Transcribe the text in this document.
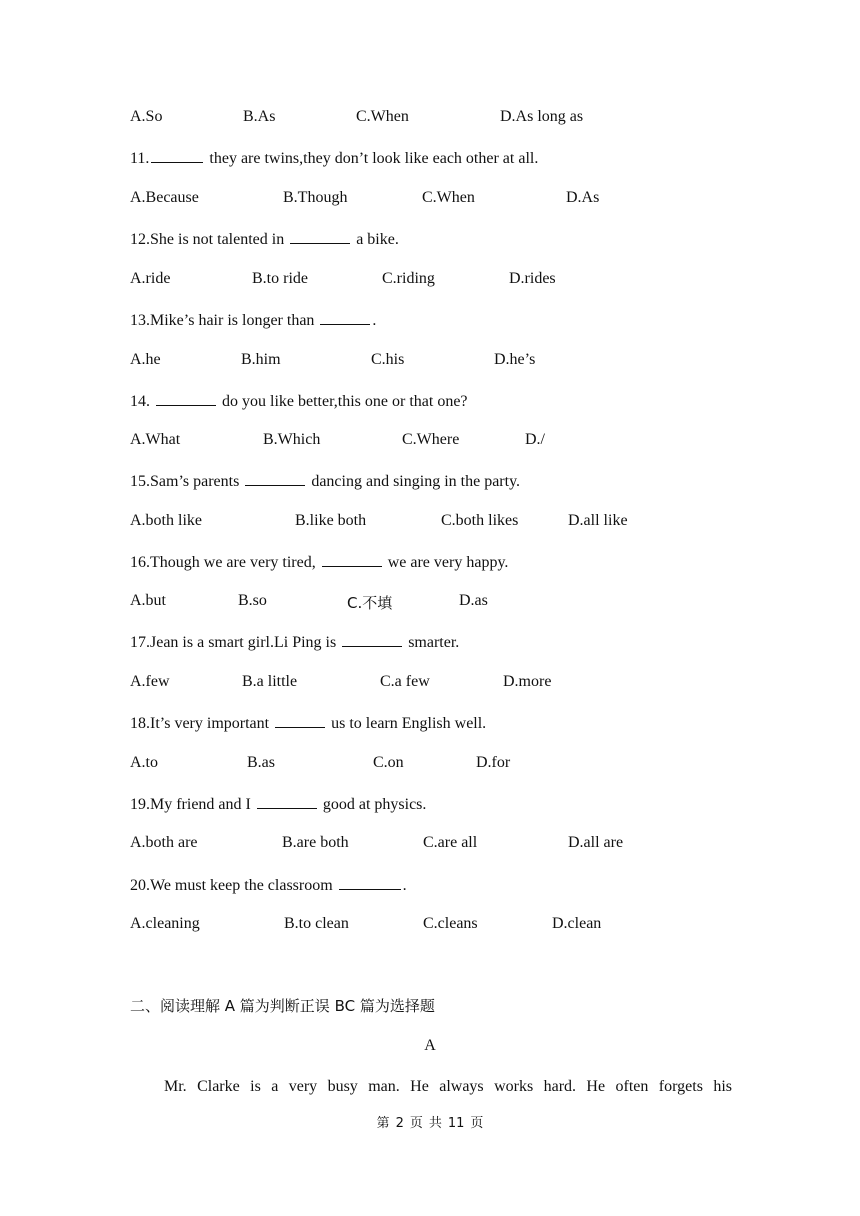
A.So	B.As	C.When	D.As long as
11.	they are twins,they don’t look like each other at all.
A.Because	B.Though	C.When	D.As
12.She is not talented in	a bike.
A.ride	B.to ride	C.riding	D.rides
13.Mike’s hair is longer than	.
A.he	B.him	C.his	D.he’s
14.	do you like better,this one or that one?
A.What	B.Which	C.Where	D./
15.Sam’s parents	dancing and singing in the party.
A.both like	B.like both	C.both likes	D.all like
16.Though we are very tired,	we are very happy.
A.but	B.so	C.不填	D.as
17.Jean is a smart girl.Li Ping is	smarter.
A.few	B.a little	C.a few	D.more
18.It’s very important	us to learn English well.
A.to	B.as	C.on	D.for
19.My friend and I	good at physics.
A.both are	B.are both	C.are all	D.all are
20.We must keep the classroom	.
A.cleaning	B.to clean	C.cleans	D.clean
二、阅读理解 A 篇为判断正误 BC 篇为选择题
A
Mr. Clarke is a very busy man. He always works hard. He often forgets his
第 2 页 共 11 页
